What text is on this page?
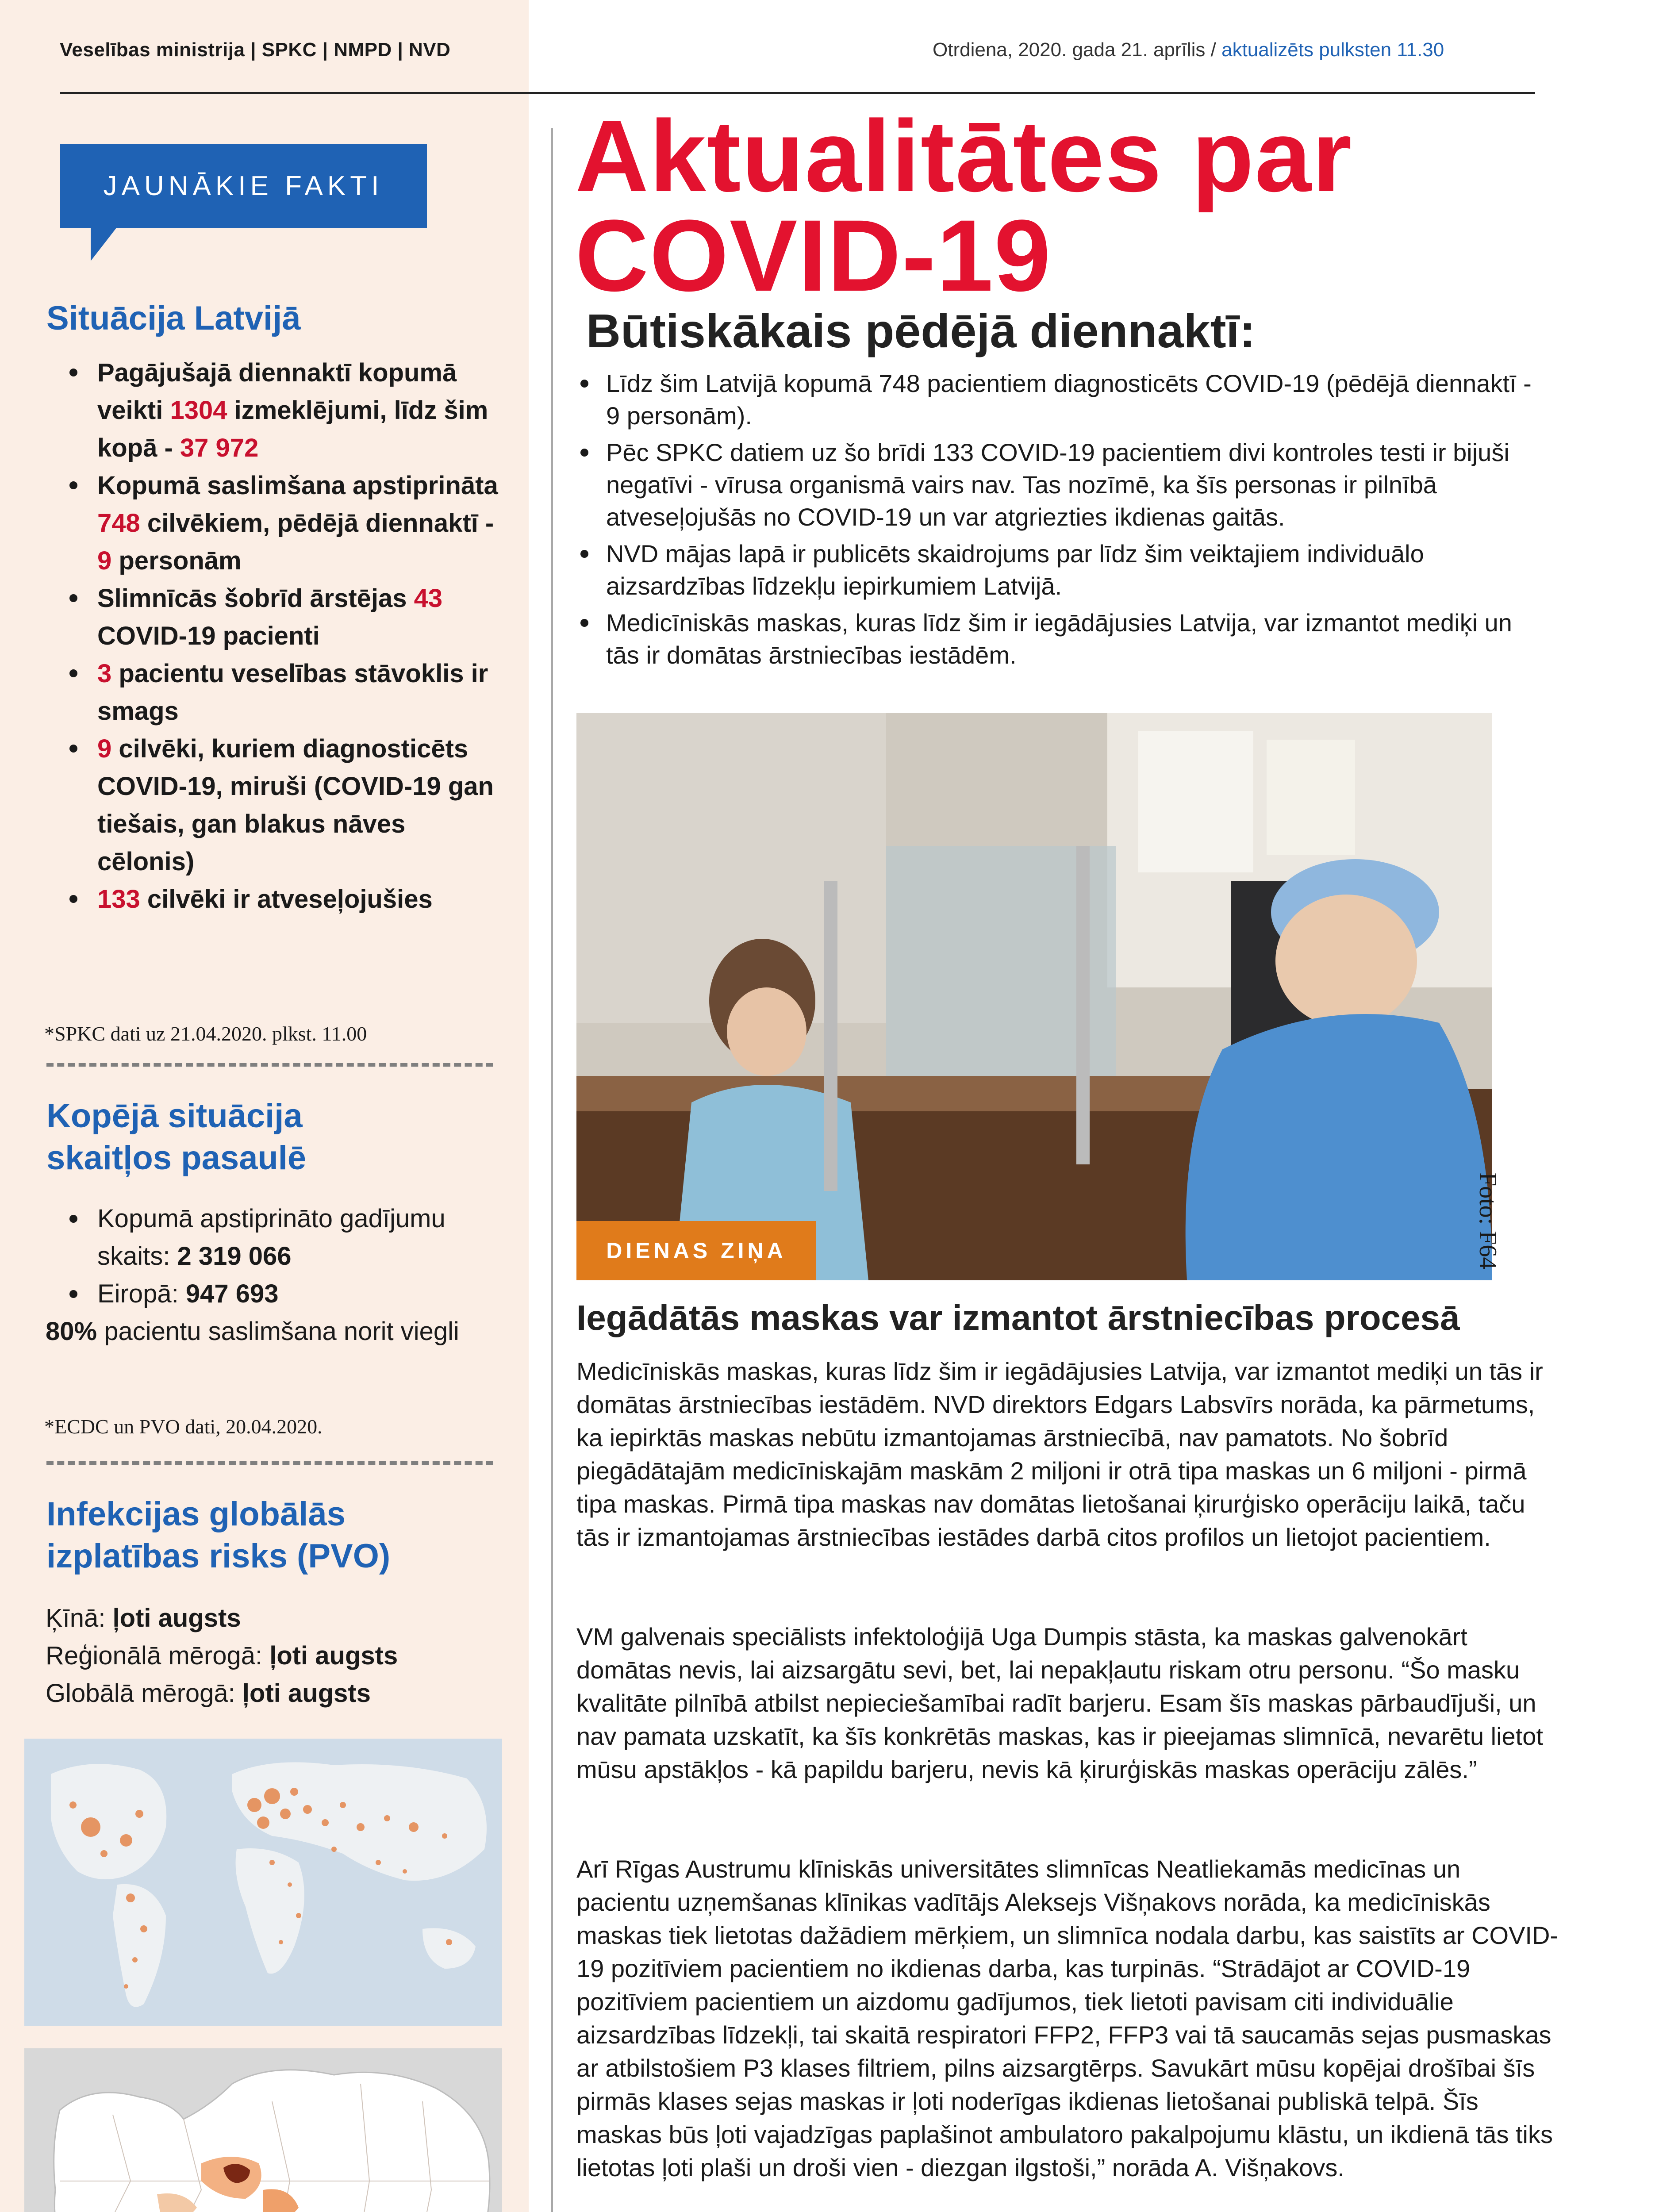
Veselības ministrija | SPKC | NMPD | NVD	Otrdiena, 2020. gada 21. aprīlis / aktualizēts pulksten 11.30
JAUNĀKIE FAKTI
Situācija Latvijā
Pagājušajā diennaktī kopumā veikti 1304 izmeklējumi, līdz šim kopā - 37 972
Kopumā saslimšana apstiprināta 748 cilvēkiem, pēdējā diennaktī - 9 personām
Slimnīcās šobrīd ārstējas 43 COVID-19 pacienti
3 pacientu veselības stāvoklis ir smags
9 cilvēki, kuriem diagnosticēts COVID-19, miruši (COVID-19 gan tiešais, gan blakus nāves cēlonis)
133 cilvēki ir atveseļojušies
*SPKC dati uz 21.04.2020. plkst. 11.00
Kopējā situācija
skaitļos pasaulē
Kopumā apstiprināto gadījumu skaits: 2 319 066
Eiropā: 947 693
80% pacientu saslimšana norit viegli
*ECDC un PVO dati, 20.04.2020.
Infekcijas globālās
izplatības risks (PVO)
Ķīnā: ļoti augsts
Reģionālā mērogā: ļoti augsts
Globālā mērogā: ļoti augsts
Aktualitātes par
COVID-19
Būtiskākais pēdējā diennaktī:
Līdz šim Latvijā kopumā 748 pacientiem diagnosticēts COVID-19 (pēdējā diennaktī - 9 personām).
Pēc SPKC datiem uz šo brīdi 133 COVID-19 pacientiem divi kontroles testi ir bijuši negatīvi - vīrusa organismā vairs nav. Tas nozīmē, ka šīs personas ir pilnībā atveseļojušās no COVID-19 un var atgriezties ikdienas gaitās.
NVD mājas lapā ir publicēts skaidrojums par līdz šim veiktajiem individuālo aizsardzības līdzekļu iepirkumiem Latvijā.
Medicīniskās maskas, kuras līdz šim ir iegādājusies Latvija, var izmantot mediķi un tās ir domātas ārstniecības iestādēm.
DIENAS ZIŅA	Foto: F64
Iegādātās maskas var izmantot ārstniecības procesā

Medicīniskās maskas, kuras līdz šim ir iegādājusies Latvija, var izmantot mediķi un tās ir domātas ārstniecības iestādēm. NVD direktors Edgars Labsvīrs norāda, ka pārmetums, ka iepirktās maskas nebūtu izmantojamas ārstniecībā, nav pamatots. No šobrīd piegādātajām medicīniskajām maskām 2 miljoni ir otrā tipa maskas un 6 miljoni - pirmā tipa maskas. Pirmā tipa maskas nav domātas lietošanai ķirurģisko operāciju laikā, taču tās ir izmantojamas ārstniecības iestādes darbā citos profilos un lietojot pacientiem.

VM galvenais speciālists infektoloģijā Uga Dumpis stāsta, ka maskas galvenokārt domātas nevis, lai aizsargātu sevi, bet, lai nepakļautu riskam otru personu. “Šo masku kvalitāte pilnībā atbilst nepieciešamībai radīt barjeru. Esam šīs maskas pārbaudījuši, un nav pamata uzskatīt, ka šīs konkrētās maskas, kas ir pieejamas slimnīcā, nevarētu lietot mūsu apstākļos - kā papildu barjeru, nevis kā ķirurģiskās maskas operāciju zālēs.”

Arī Rīgas Austrumu klīniskās universitātes slimnīcas Neatliekamās medicīnas un pacientu uzņemšanas klīnikas vadītājs Aleksejs Višņakovs norāda, ka medicīniskās maskas tiek lietotas dažādiem mērķiem, un slimnīca nodala darbu, kas saistīts ar COVID-19 pozitīviem pacientiem no ikdienas darba, kas turpinās. “Strādājot ar COVID-19 pozitīviem pacientiem un aizdomu gadījumos, tiek lietoti pavisam citi individuālie aizsardzības līdzekļi, tai skaitā respiratori FFP2, FFP3 vai tā saucamās sejas pusmaskas ar atbilstošiem P3 klases filtriem, pilns aizsargtērps. Savukārt mūsu kopējai drošībai šīs pirmās klases sejas maskas ir ļoti noderīgas ikdienas lietošanai publiskā telpā. Šīs maskas būs ļoti vajadzīgas paplašinot ambulatoro pakalpojumu klāstu, un ikdienā tās tiks lietotas ļoti plaši un droši vien - diezgan ilgstoši,” norāda A. Višņakovs.
